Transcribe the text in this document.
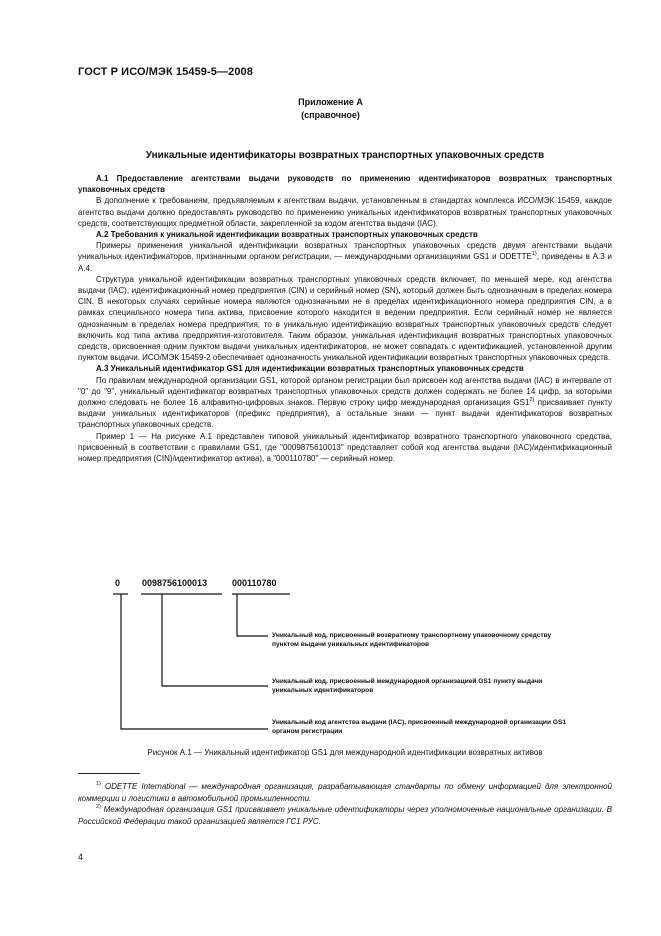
ГОСТ Р ИСО/МЭК 15459-5—2008
Приложение А
(справочное)
Уникальные идентификаторы возвратных транспортных упаковочных средств

А.1 Предоставление агентствами выдачи руководств по применению идентификаторов возвратных транспортных упаковочных средств

В дополнение к требованиям, предъявляемым к агентствам выдачи, установленным в стандартах комплекса ИСО/МЭК 15459, каждое агентство выдачи должно предоставлять руководство по применению уникальных идентификаторов возвратных транспортных упаковочных средств, соответствующих предметной области, закрепленной за кодом агентства выдачи (IAC).

А.2 Требования к уникальной идентификации возвратных транспортных упаковочных средств

Примеры применения уникальной идентификации возвратных транспортных упаковочных средств двумя агентствами выдачи уникальных идентификаторов, признанными органом регистрации, — международными организациями GS1 и ODETTE$^{1)}$, приведены в А.3 и А.4.

Структура уникальной идентификации возвратных транспортных упаковочных средств включает, по меньшей мере, код агентства выдачи (IAC), идентификационный номер предприятия (CIN) и серийный номер (SN), который должен быть однозначным в пределах номера CIN. В некоторых случаях серийные номера являются однозначными не в пределах идентификационного номера предприятия CIN, а в рамках специального номера типа актива, присвоение которого находится в ведении предприятия. Если серийный номер не является однозначным в пределах номера предприятия, то в уникальную идентификацию возвратных транспортных упаковочных средств следует включить код типа актива предприятия-изготовителя. Таким образом, уникальная идентификация возвратных транспортных упаковочных средств, присвоенная одним пунктом выдачи уникальных идентификаторов, не может совпадать с идентификацией, установленной другим пунктом выдачи. ИСО/МЭК 15459-2 обеспечивает однозначность уникальной идентификации возвратных транспортных упаковочных средств.

А.3 Уникальный идентификатор GS1 для идентификации возвратных транспортных упаковочных средств

По правилам международной организации GS1, которой органом регистрации был присвоен код агентства выдачи (IAC) в интервале от "0" до "9", уникальный идентификатор возвратных транспортных упаковочных средств должен содержать не более 14 цифр, за которыми должно следовать не более 16 алфавитно-цифровых знаков. Первую строку цифр международная организация GS1$^{2)}$ присваивает пункту выдачи уникальных идентификаторов (префикс предприятия), а остальные знаки — пункт выдачи идентификаторов возвратных транспортных упаковочных средств.

Пример 1 — На рисунке А.1 представлен типовой уникальный идентификатор возвратного транспортного упаковочного средства, присвоенный в соответствии с правилами GS1, где "0009875610013" представляет собой код агентства выдачи (IAC)/идентификационный номер предприятия (CIN)/идентификатор актива), а "000110780" — серийный номер.

0 0098756100013	000110780
Уникальный код, присвоенный возвратному транспортному упаковочному средству пунктом выдачи уникальных идентификаторов
Уникальный код, присвоенный международной организацией GS1 пункту выдачи уникальных идентификаторов
Уникальный код агентства выдачи (IAC), присвоенный международной организации GS1 органом регистрации
Рисунок А.1 — Уникальный идентификатор GS1 для международной идентификации возвратных активов

$^{1)}$ ODETTE International — международная организация, разрабатывающая стандарты по обмену информацией для электронной коммерции и логистики в автомобильной промышленности.

$^{2)}$ Международная организация GS1 присваивает уникальные идентификаторы через уполномоченные национальные организации. В Российской Федерации такой организацией является ГС1 РУС.

4
